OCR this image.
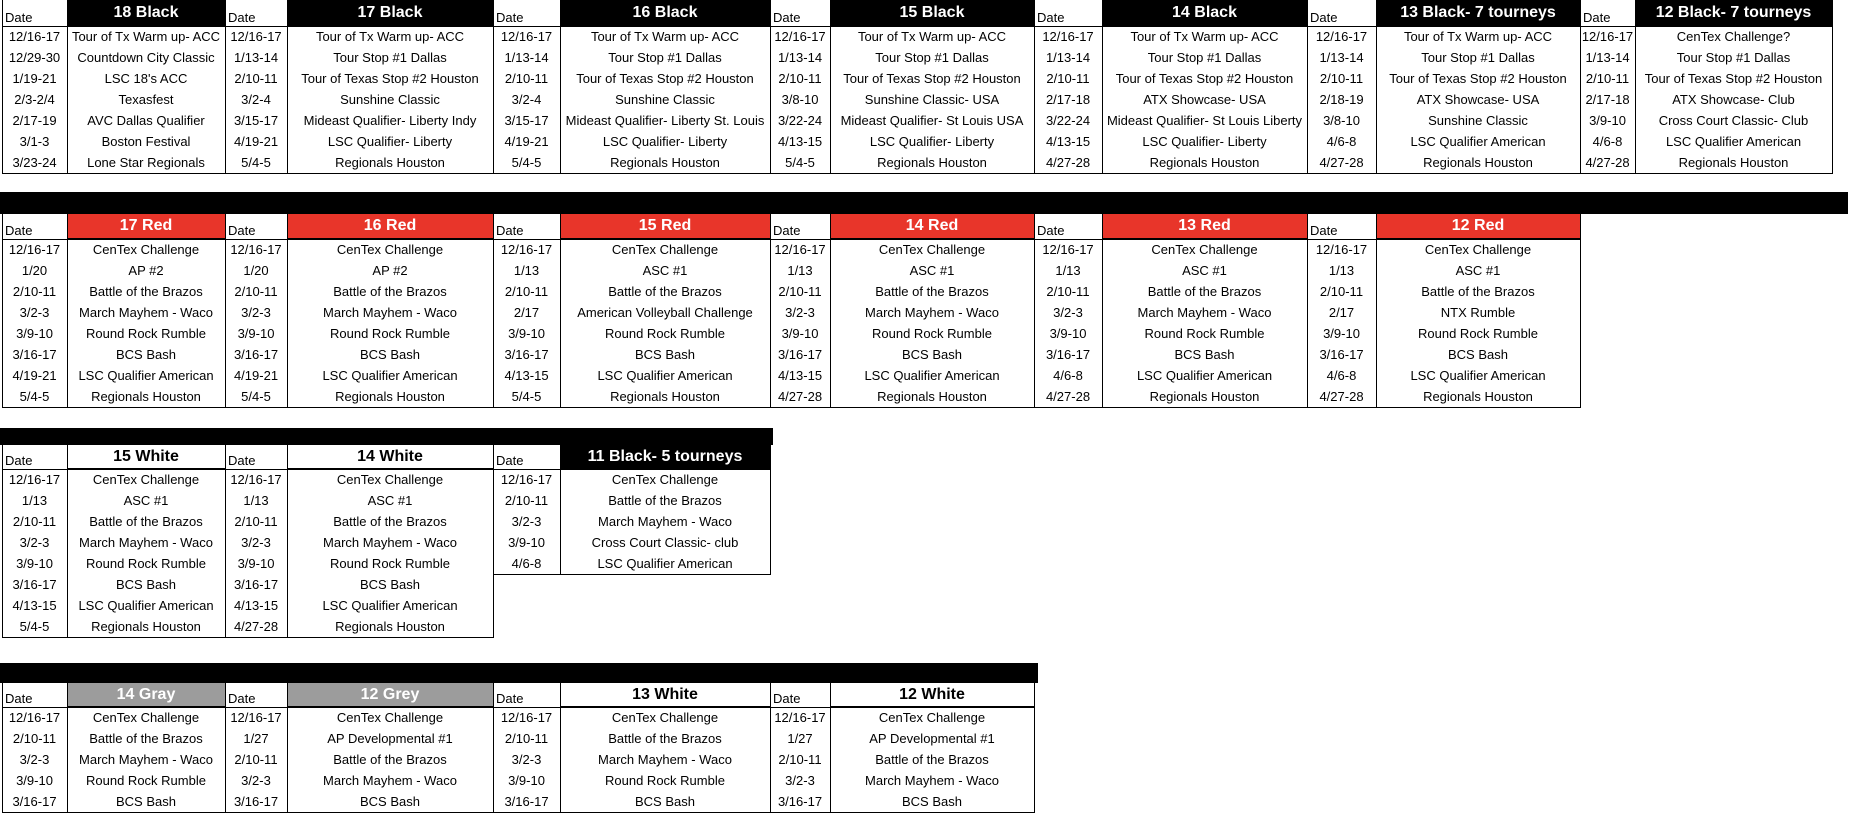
Date	18 Black
12/16-17 Tour of Tx Warm up- ACC
12/29-30	Countdown City Classic
1/19-21	LSC 18's ACC
2/3-2/4	Texasfest
2/17-19	AVC Dallas Qualifier
3/1-3	Boston Festival
3/23-24	Lone Star Regionals
Date	17 Black
12/16-17	Tour of Tx Warm up- ACC
1/13-14	Tour Stop #1 Dallas
2/10-11	Tour of Texas Stop #2 Houston
3/2-4	Sunshine Classic
3/15-17	Mideast Qualifier- Liberty Indy
4/19-21	LSC Qualifier- Liberty
5/4-5	Regionals Houston
Date	16 Black
12/16-17	Tour of Tx Warm up- ACC
1/13-14	Tour Stop #1 Dallas
2/10-11	Tour of Texas Stop #2 Houston
3/2-4	Sunshine Classic
3/15-17	Mideast Qualifier- Liberty St. Louis
4/19-21	LSC Qualifier- Liberty
5/4-5	Regionals Houston
Date	15 Black
12/16-17	Tour of Tx Warm up- ACC
1/13-14	Tour Stop #1 Dallas
2/10-11	Tour of Texas Stop #2 Houston
3/8-10	Sunshine Classic- USA
3/22-24	Mideast Qualifier- St Louis USA
4/13-15	LSC Qualifier- Liberty
5/4-5	Regionals Houston
Date	14 Black
12/16-17	Tour of Tx Warm up- ACC
1/13-14	Tour Stop #1 Dallas
2/10-11	Tour of Texas Stop #2 Houston
2/17-18	ATX Showcase- USA
3/22-24	Mideast Qualifier- St Louis Liberty
4/13-15	LSC Qualifier- Liberty
4/27-28	Regionals Houston
Date	13 Black- 7 tourneys
12/16-17	Tour of Tx Warm up- ACC
1/13-14	Tour Stop #1 Dallas
2/10-11	Tour of Texas Stop #2 Houston
2/18-19	ATX Showcase- USA
3/8-10	Sunshine Classic
4/6-8	LSC Qualifier American
4/27-28	Regionals Houston
Date	12 Black- 7 tourneys
12/16-17	CenTex Challenge?
1/13-14	Tour Stop #1 Dallas
2/10-11	Tour of Texas Stop #2 Houston
2/17-18	ATX Showcase- Club
3/9-10	Cross Court Classic- Club
4/6-8	LSC Qualifier American
4/27-28	Regionals Houston
Date	17 Red
12/16-17	CenTex Challenge
1/20	AP #2
2/10-11	Battle of the Brazos
3/2-3	March Mayhem - Waco
3/9-10	Round Rock Rumble
3/16-17	BCS Bash
4/19-21	LSC Qualifier American
5/4-5	Regionals Houston
Date	16 Red
12/16-17	CenTex Challenge
1/20	AP #2
2/10-11	Battle of the Brazos
3/2-3	March Mayhem - Waco
3/9-10	Round Rock Rumble
3/16-17	BCS Bash
4/19-21	LSC Qualifier American
5/4-5	Regionals Houston
Date	15 Red
12/16-17	CenTex Challenge
1/13	ASC #1
2/10-11	Battle of the Brazos
2/17	American Volleyball Challenge
3/9-10	Round Rock Rumble
3/16-17	BCS Bash
4/13-15	LSC Qualifier American
5/4-5	Regionals Houston
Date	14 Red
12/16-17	CenTex Challenge
1/13	ASC #1
2/10-11	Battle of the Brazos
3/2-3	March Mayhem - Waco
3/9-10	Round Rock Rumble
3/16-17	BCS Bash
4/13-15	LSC Qualifier American
4/27-28	Regionals Houston
Date	13 Red
12/16-17	CenTex Challenge
1/13	ASC #1
2/10-11	Battle of the Brazos
3/2-3	March Mayhem - Waco
3/9-10	Round Rock Rumble
3/16-17	BCS Bash
4/6-8	LSC Qualifier American
4/27-28	Regionals Houston
Date	12 Red
12/16-17	CenTex Challenge
1/13	ASC #1
2/10-11	Battle of the Brazos
2/17	NTX Rumble
3/9-10	Round Rock Rumble
3/16-17	BCS Bash
4/6-8	LSC Qualifier American
4/27-28	Regionals Houston
Date	15 White
12/16-17	CenTex Challenge
1/13	ASC #1
2/10-11	Battle of the Brazos
3/2-3	March Mayhem - Waco
3/9-10	Round Rock Rumble
3/16-17	BCS Bash
4/13-15	LSC Qualifier American
5/4-5	Regionals Houston
Date	14 White
12/16-17	CenTex Challenge
1/13	ASC #1
2/10-11	Battle of the Brazos
3/2-3	March Mayhem - Waco
3/9-10	Round Rock Rumble
3/16-17	BCS Bash
4/13-15	LSC Qualifier American
4/27-28	Regionals Houston
Date	11 Black- 5 tourneys
12/16-17	CenTex Challenge
2/10-11	Battle of the Brazos
3/2-3	March Mayhem - Waco
3/9-10	Cross Court Classic- club
4/6-8	LSC Qualifier American
Date	14 Gray
12/16-17	CenTex Challenge
2/10-11	Battle of the Brazos
3/2-3	March Mayhem - Waco
3/9-10	Round Rock Rumble
3/16-17	BCS Bash
Date	12 Grey
12/16-17	CenTex Challenge
1/27	AP Developmental #1
2/10-11	Battle of the Brazos
3/2-3	March Mayhem - Waco
3/16-17	BCS Bash
Date	13 White
12/16-17	CenTex Challenge
2/10-11	Battle of the Brazos
3/2-3	March Mayhem - Waco
3/9-10	Round Rock Rumble
3/16-17	BCS Bash
Date	12 White
12/16-17	CenTex Challenge
1/27	AP Developmental #1
2/10-11	Battle of the Brazos
3/2-3	March Mayhem - Waco
3/16-17	BCS Bash
